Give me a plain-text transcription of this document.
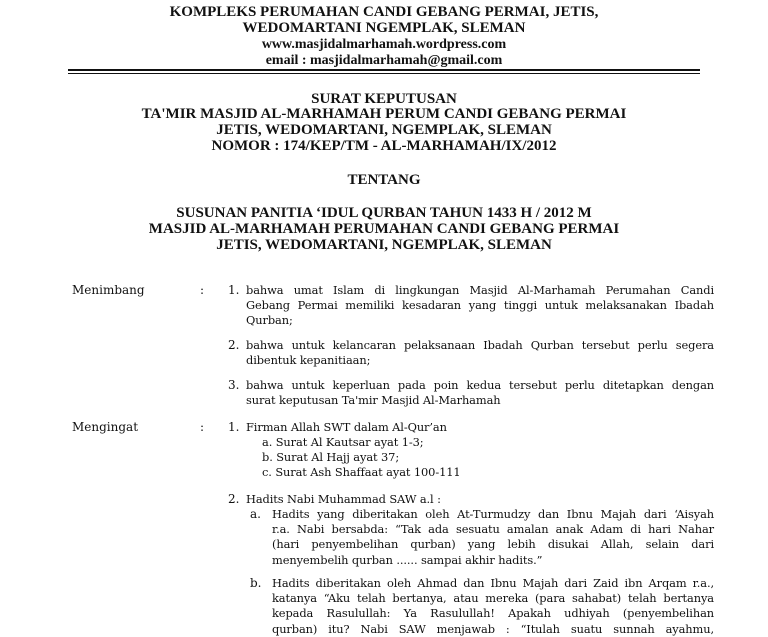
KOMPLEKS PERUMAHAN CANDI GEBANG PERMAI, JETIS,
WEDOMARTANI NGEMPLAK, SLEMAN
www.masjidalmarhamah.wordpress.com
email : masjidalmarhamah@gmail.com
SURAT KEPUTUSAN
TA'MIR MASJID AL-MARHAMAH PERUM CANDI GEBANG PERMAI
JETIS, WEDOMARTANI, NGEMPLAK, SLEMAN
NOMOR : 174/KEP/TM - AL-MARHAMAH/IX/2012
TENTANG
SUSUNAN PANITIA ‘IDUL QURBAN TAHUN 1433 H / 2012 M
MASJID AL-MARHAMAH PERUMAHAN CANDI GEBANG PERMAI
JETIS, WEDOMARTANI, NGEMPLAK, SLEMAN
Menimbang	: 1. bahwa umat Islam di lingkungan Masjid Al-Marhamah Perumahan Candi
Gebang Permai memiliki kesadaran yang tinggi untuk melaksanakan Ibadah
Qurban;
2. bahwa untuk kelancaran pelaksanaan Ibadah Qurban tersebut perlu segera
dibentuk kepanitiaan;
3. bahwa untuk keperluan pada poin kedua tersebut perlu ditetapkan dengan
surat keputusan Ta'mir Masjid Al-Marhamah
Mengingat	: 1. Firman Allah SWT dalam Al-Qur’an
a. Surat Al Kautsar ayat 1-3;
b. Surat Al Hajj ayat 37;
c. Surat Ash Shaffaat ayat 100-111
2. Hadits Nabi Muhammad SAW a.l :
a. Hadits yang diberitakan oleh At-Turmudzy dan Ibnu Majah dari ‘Aisyah
r.a. Nabi bersabda: “Tak ada sesuatu amalan anak Adam di hari Nahar
(hari penyembelihan qurban) yang lebih disukai Allah, selain dari
menyembelih qurban ...... sampai akhir hadits.”
b. Hadits diberitakan oleh Ahmad dan Ibnu Majah dari Zaid ibn Arqam r.a.,
katanya “Aku telah bertanya, atau mereka (para sahabat) telah bertanya
kepada Rasulullah: Ya Rasulullah! Apakah udhiyah (penyembelihan
qurban) itu? Nabi SAW menjawab : “Itulah suatu sunnah ayahmu,
